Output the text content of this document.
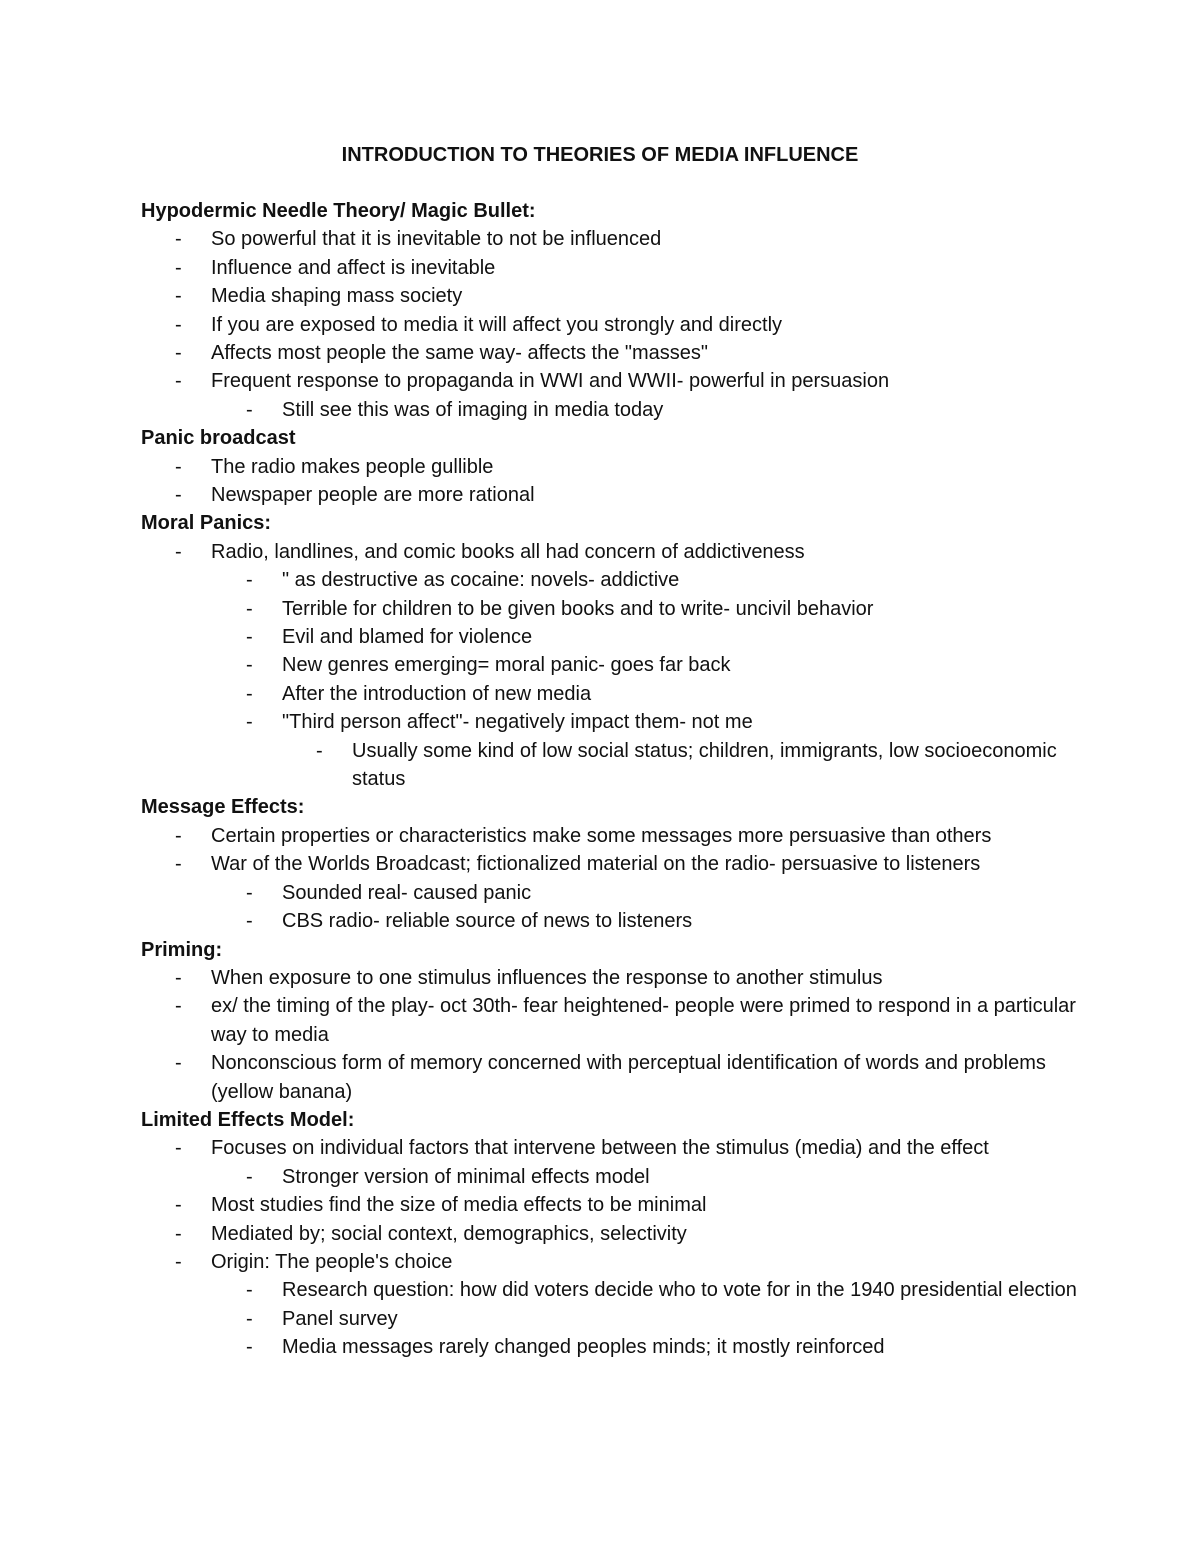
INTRODUCTION TO THEORIES OF MEDIA INFLUENCE
Hypodermic Needle Theory/ Magic Bullet:
- So powerful that it is inevitable to not be influenced
- Influence and affect is inevitable
- Media shaping mass society
- If you are exposed to media it will affect you strongly and directly
- Affects most people the same way- affects the "masses"
- Frequent response to propaganda in WWI and WWII- powerful in persuasion
- Still see this was of imaging in media today
Panic broadcast
- The radio makes people gullible
- Newspaper people are more rational
Moral Panics:
- Radio, landlines, and comic books all had concern of addictiveness
- " as destructive as cocaine: novels- addictive
- Terrible for children to be given books and to write- uncivil behavior
- Evil and blamed for violence
- New genres emerging= moral panic- goes far back
- After the introduction of new media
- "Third person affect"- negatively impact them- not me
- Usually some kind of low social status; children, immigrants, low socioeconomic status
Message Effects:
- Certain properties or characteristics make some messages more persuasive than others
- War of the Worlds Broadcast; fictionalized material on the radio- persuasive to listeners
- Sounded real- caused panic
- CBS radio- reliable source of news to listeners
Priming:
- When exposure to one stimulus influences the response to another stimulus
- ex/ the timing of the play- oct 30th- fear heightened- people were primed to respond in a particular way to media
- Nonconscious form of memory concerned with perceptual identification of words and problems (yellow banana)
Limited Effects Model:
- Focuses on individual factors that intervene between the stimulus (media) and the effect
- Stronger version of minimal effects model
- Most studies find the size of media effects to be minimal
- Mediated by; social context, demographics, selectivity
- Origin: The people's choice
- Research question: how did voters decide who to vote for in the 1940 presidential election
- Panel survey
- Media messages rarely changed peoples minds; it mostly reinforced
